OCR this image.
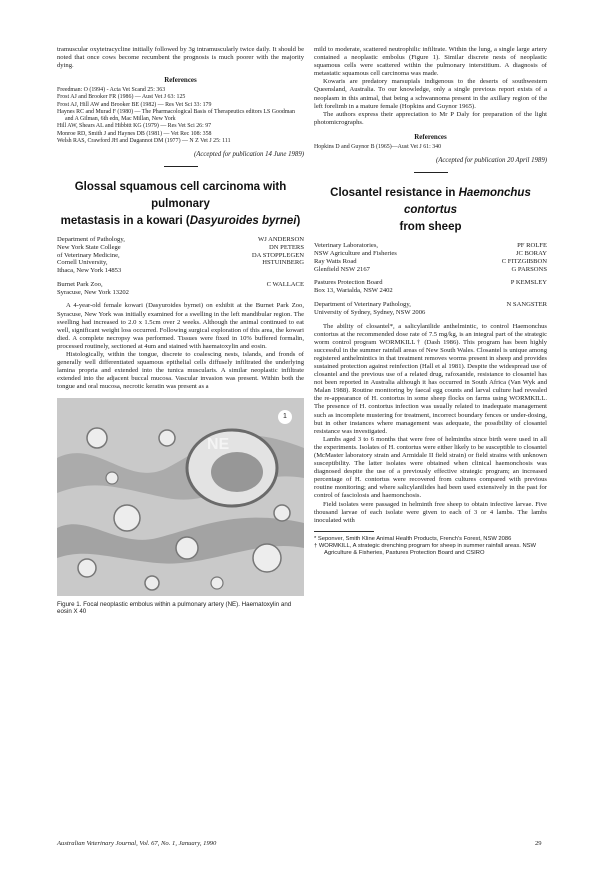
tramuscular oxytetracycline initially followed by 3g intramuscularly twice daily. It should be noted that once cows become recumbent the prognosis is much poorer with the majority dying.

References
Freedman: O (1994) - Acta Vet Scand 25: 363
Frost AJ and Brooker FR (1986) — Aust Vet J 63: 125
Frost AJ, Hill AW and Brooker BE (1982) — Res Vet Sci 33: 179
Haynes RC and Murad F (1980) — The Pharmacological Basis of Therapeutics editors LS Goodman and A Gilman, 6th edn, Mac Millan, New York
Hill AW, Shears AL and Hibbitt KG (1979) — Res Vet Sci 26: 97
Monroe RD, Smith J and Haynes DB (1981) — Vet Rec 108: 358
Welsh RAS, Crawford JH and Dagannot DM (1977) — N Z Vet J 25: 111
(Accepted for publication 14 June 1989)
Glossal squamous cell carcinoma with pulmonary
metastasis in a kowari (Dasyuroides byrnei)
Department of Pathology,
New York State College
of Veterinary Medicine,
Cornell University,
Ithaca, New York 14853
WJ ANDERSON
DN PETERS
DA STOPPLEGEN
HSTUINBERG
Burnet Park Zoo,
Syracuse, New York 13202
C WALLACE

A 4-year-old female kowari (Dasyuroides byrnei) on exhibit at the Burnet Park Zoo, Syracuse, New York was initially examined for a swelling in the left mandibular region. The swelling had increased to 2.0 x 1.5cm over 2 weeks. Although the animal continued to eat well, significant weight loss occurred. Following surgical exploration of this area, the kowari died. A complete necropsy was performed. Tissues were fixed in 10% buffered formalin, processed routinely, sectioned at 4um and stained with haematoxylin and eosin.

Histologically, within the tongue, discrete to coalescing nests, islands, and fronds of generally well differentiated squamous epithelial cells diffusely infiltrated the underlying lamina propria and extended into the tunica muscularis. A similar neoplastic infiltrate extended into the adjacent buccal mucosa. Vascular invasion was present. Within both the tongue and oral mucosa, necrotic keratin was present as a

NE
1
Figure 1. Focal neoplastic embolus within a pulmonary artery (NE). Haematoxylin and eosin X 40

mild to moderate, scattered neutrophilic infiltrate. Within the lung, a single large artery contained a neoplastic embolus (Figure 1). Similar discrete nests of neoplastic squamous cells were scattered within the pulmonary interstitium. A diagnosis of metastatic squamous cell carcinoma was made.

Kowaris are predatory marsupials indigenous to the deserts of southwestern Queensland, Australia. To our knowledge, only a single previous report exists of a neoplasm in this animal, that being a schwannoma present in the axillary region of the left forelimb in a mature female (Hopkins and Guynor 1965).

The authors express their appreciation to Mr P Daly for preparation of the light photomicrographs.

References
Hopkins D and Guynor B (1965)—Aust Vet J 61: 340
(Accepted for publication 20 April 1989)
Closantel resistance in Haemonchus contortus
from sheep
Veterinary Laboratories,
NSW Agriculture and Fisheries
Ray Watts Road
Glenfield NSW 2167
PF ROLFE
JC BORAY
C FITZGIBBON
G PARSONS
Pastures Protection Board
Box 13, Warialda, NSW 2402
P KEMSLEY
Department of Veterinary Pathology,
University of Sydney, Sydney, NSW 2006
N SANGSTER

The ability of closantel*, a salicylanilide anthelmintic, to control Haemonchus contortus at the recommended dose rate of 7.5 mg/kg, is an integral part of the strategic worm control program WORMKILL† (Dash 1986). This program has been highly successful in the summer rainfall areas of New South Wales. Closantel is unique among registered anthelmintics in that treatment removes worms present in sheep and provides sustained protection against reinfection (Hall et al 1981). Despite the widespread use of closantel and the previous use of a related drug, rafoxanide, resistance to closantel has not been reported in Australia although it has occurred in South Africa (Van Wyk and Malan 1988). Routine monitoring by faecal egg counts and larval culture had revealed the re-appearance of H. contortus in some sheep flocks on farms using WORMKILL. The presence of H. contortus infection was usually related to inadequate management such as incomplete mustering for treatment, incorrect boundary fences or under-dosing, but in other instances where management was adequate, the possibility of closantel resistance was investigated.

Lambs aged 3 to 6 months that were free of helminths since birth were used in all the experiments. Isolates of H. contortus were either likely to be susceptible to closantel (McMaster laboratory strain and Armidale II field strain) or field strains with unknown susceptibility. The latter isolates were obtained when clinical haemonchosis was diagnosed despite the use of a previously effective strategic program; an increased percentage of H. contortus were recovered from cultures compared with previous routine monitoring; and where salicylanilides had been used extensively in the past for control of fasciolosis and haemonchosis.

Field isolates were passaged in helminth free sheep to obtain infective larvae. Five thousand larvae of each isolate were given to each of 3 or 4 lambs. The lambs inoculated with

* Seponver, Smith Kline Animal Health Products, French's Forest, NSW 2086
† WORMKILL, A strategic drenching program for sheep in summer rainfall areas. NSW Agriculture & Fisheries, Pastures Protection Board and CSIRO
Australian Veterinary Journal, Vol. 67, No. 1, January, 1990	29
